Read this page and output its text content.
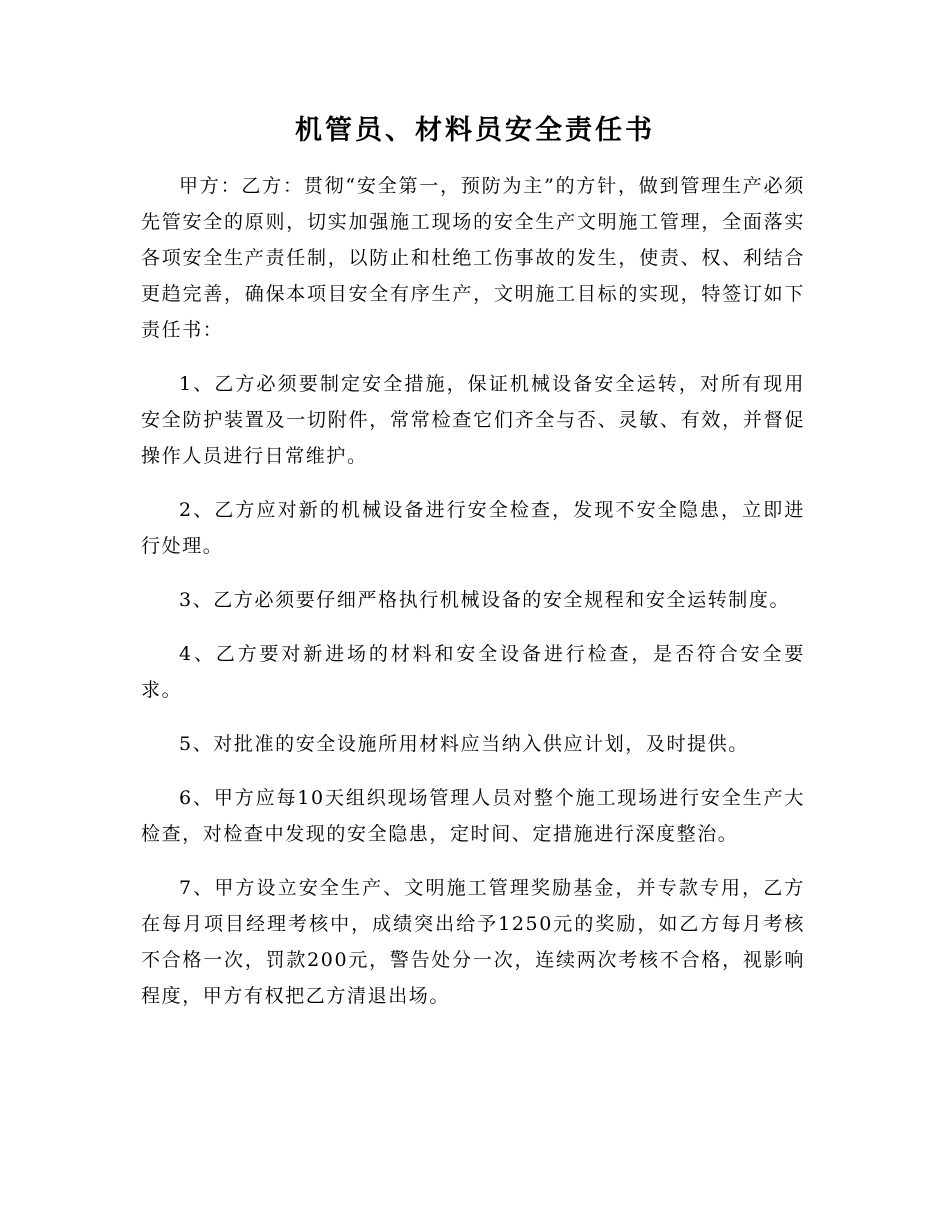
机管员、材料员安全责任书

甲方：乙方：贯彻“安全第一，预防为主”的方针，做到管理生产必须先管安全的原则，切实加强施工现场的安全生产文明施工管理，全面落实各项安全生产责任制，以防止和杜绝工伤事故的发生，使责、权、利结合更趋完善，确保本项目安全有序生产，文明施工目标的实现，特签订如下责任书：

1、乙方必须要制定安全措施，保证机械设备安全运转，对所有现用安全防护装置及一切附件，常常检查它们齐全与否、灵敏、有效，并督促操作人员进行日常维护。

2、乙方应对新的机械设备进行安全检查，发现不安全隐患，立即进行处理。

3、乙方必须要仔细严格执行机械设备的安全规程和安全运转制度。

4、乙方要对新进场的材料和安全设备进行检查，是否符合安全要求。

5、对批准的安全设施所用材料应当纳入供应计划，及时提供。

6、甲方应每10天组织现场管理人员对整个施工现场进行安全生产大检查，对检查中发现的安全隐患，定时间、定措施进行深度整治。

7、甲方设立安全生产、文明施工管理奖励基金，并专款专用，乙方在每月项目经理考核中，成绩突出给予1250元的奖励，如乙方每月考核不合格一次，罚款200元，警告处分一次，连续两次考核不合格，视影响程度，甲方有权把乙方清退出场。
